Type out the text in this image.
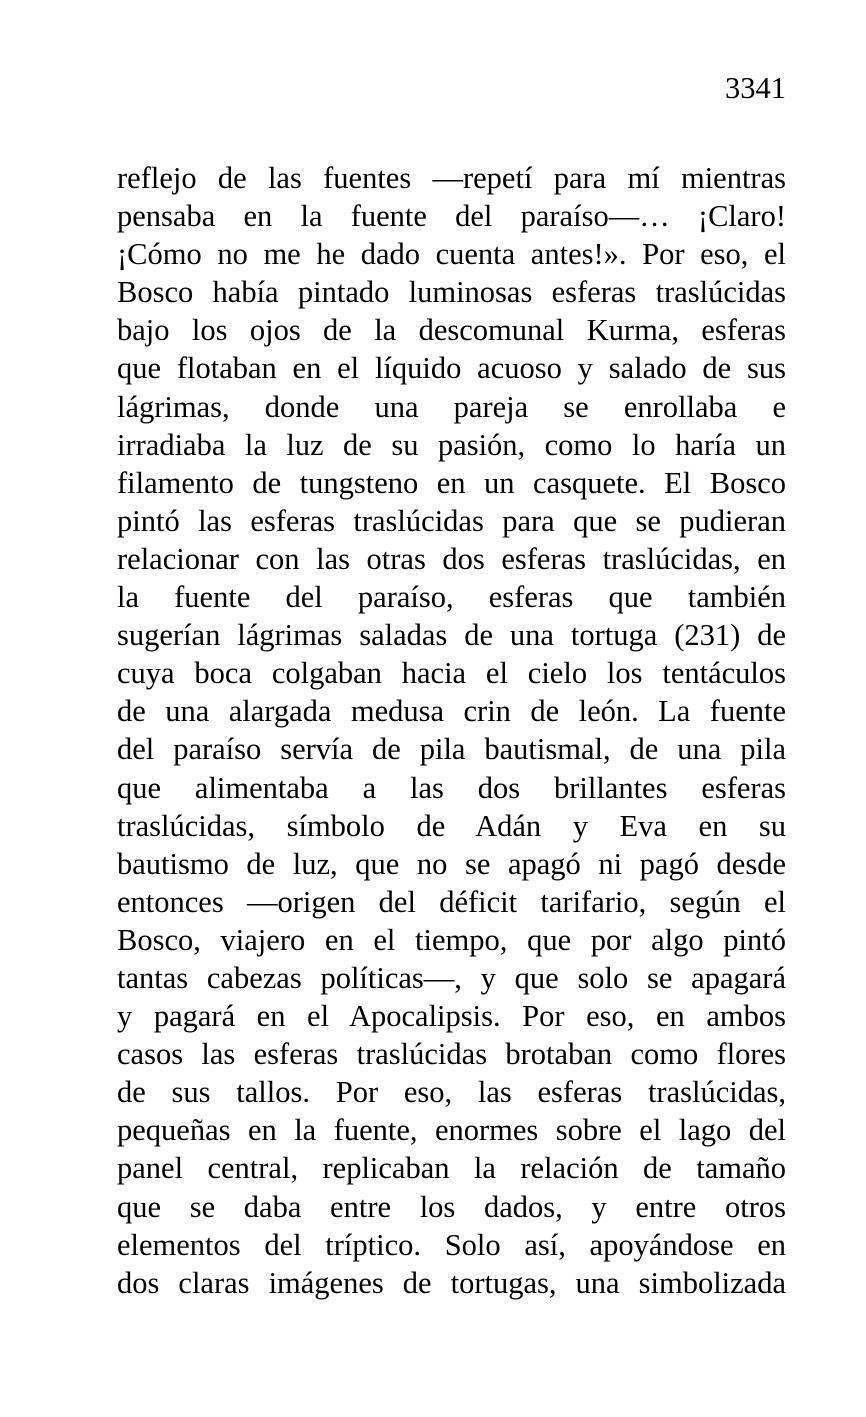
3341
reflejo de las fuentes —repetí para mí mientras
pensaba en la fuente del paraíso—… ¡Claro!
¡Cómo no me he dado cuenta antes!». Por eso, el
Bosco había pintado luminosas esferas traslúcidas
bajo los ojos de la descomunal Kurma, esferas
que flotaban en el líquido acuoso y salado de sus
lágrimas, donde una pareja se enrollaba e
irradiaba la luz de su pasión, como lo haría un
filamento de tungsteno en un casquete. El Bosco
pintó las esferas traslúcidas para que se pudieran
relacionar con las otras dos esferas traslúcidas, en
la fuente del paraíso, esferas que también
sugerían lágrimas saladas de una tortuga (231) de
cuya boca colgaban hacia el cielo los tentáculos
de una alargada medusa crin de león. La fuente
del paraíso servía de pila bautismal, de una pila
que alimentaba a las dos brillantes esferas
traslúcidas, símbolo de Adán y Eva en su
bautismo de luz, que no se apagó ni pagó desde
entonces —origen del déficit tarifario, según el
Bosco, viajero en el tiempo, que por algo pintó
tantas cabezas políticas—, y que solo se apagará
y pagará en el Apocalipsis. Por eso, en ambos
casos las esferas traslúcidas brotaban como flores
de sus tallos. Por eso, las esferas traslúcidas,
pequeñas en la fuente, enormes sobre el lago del
panel central, replicaban la relación de tamaño
que se daba entre los dados, y entre otros
elementos del tríptico. Solo así, apoyándose en
dos claras imágenes de tortugas, una simbolizada
